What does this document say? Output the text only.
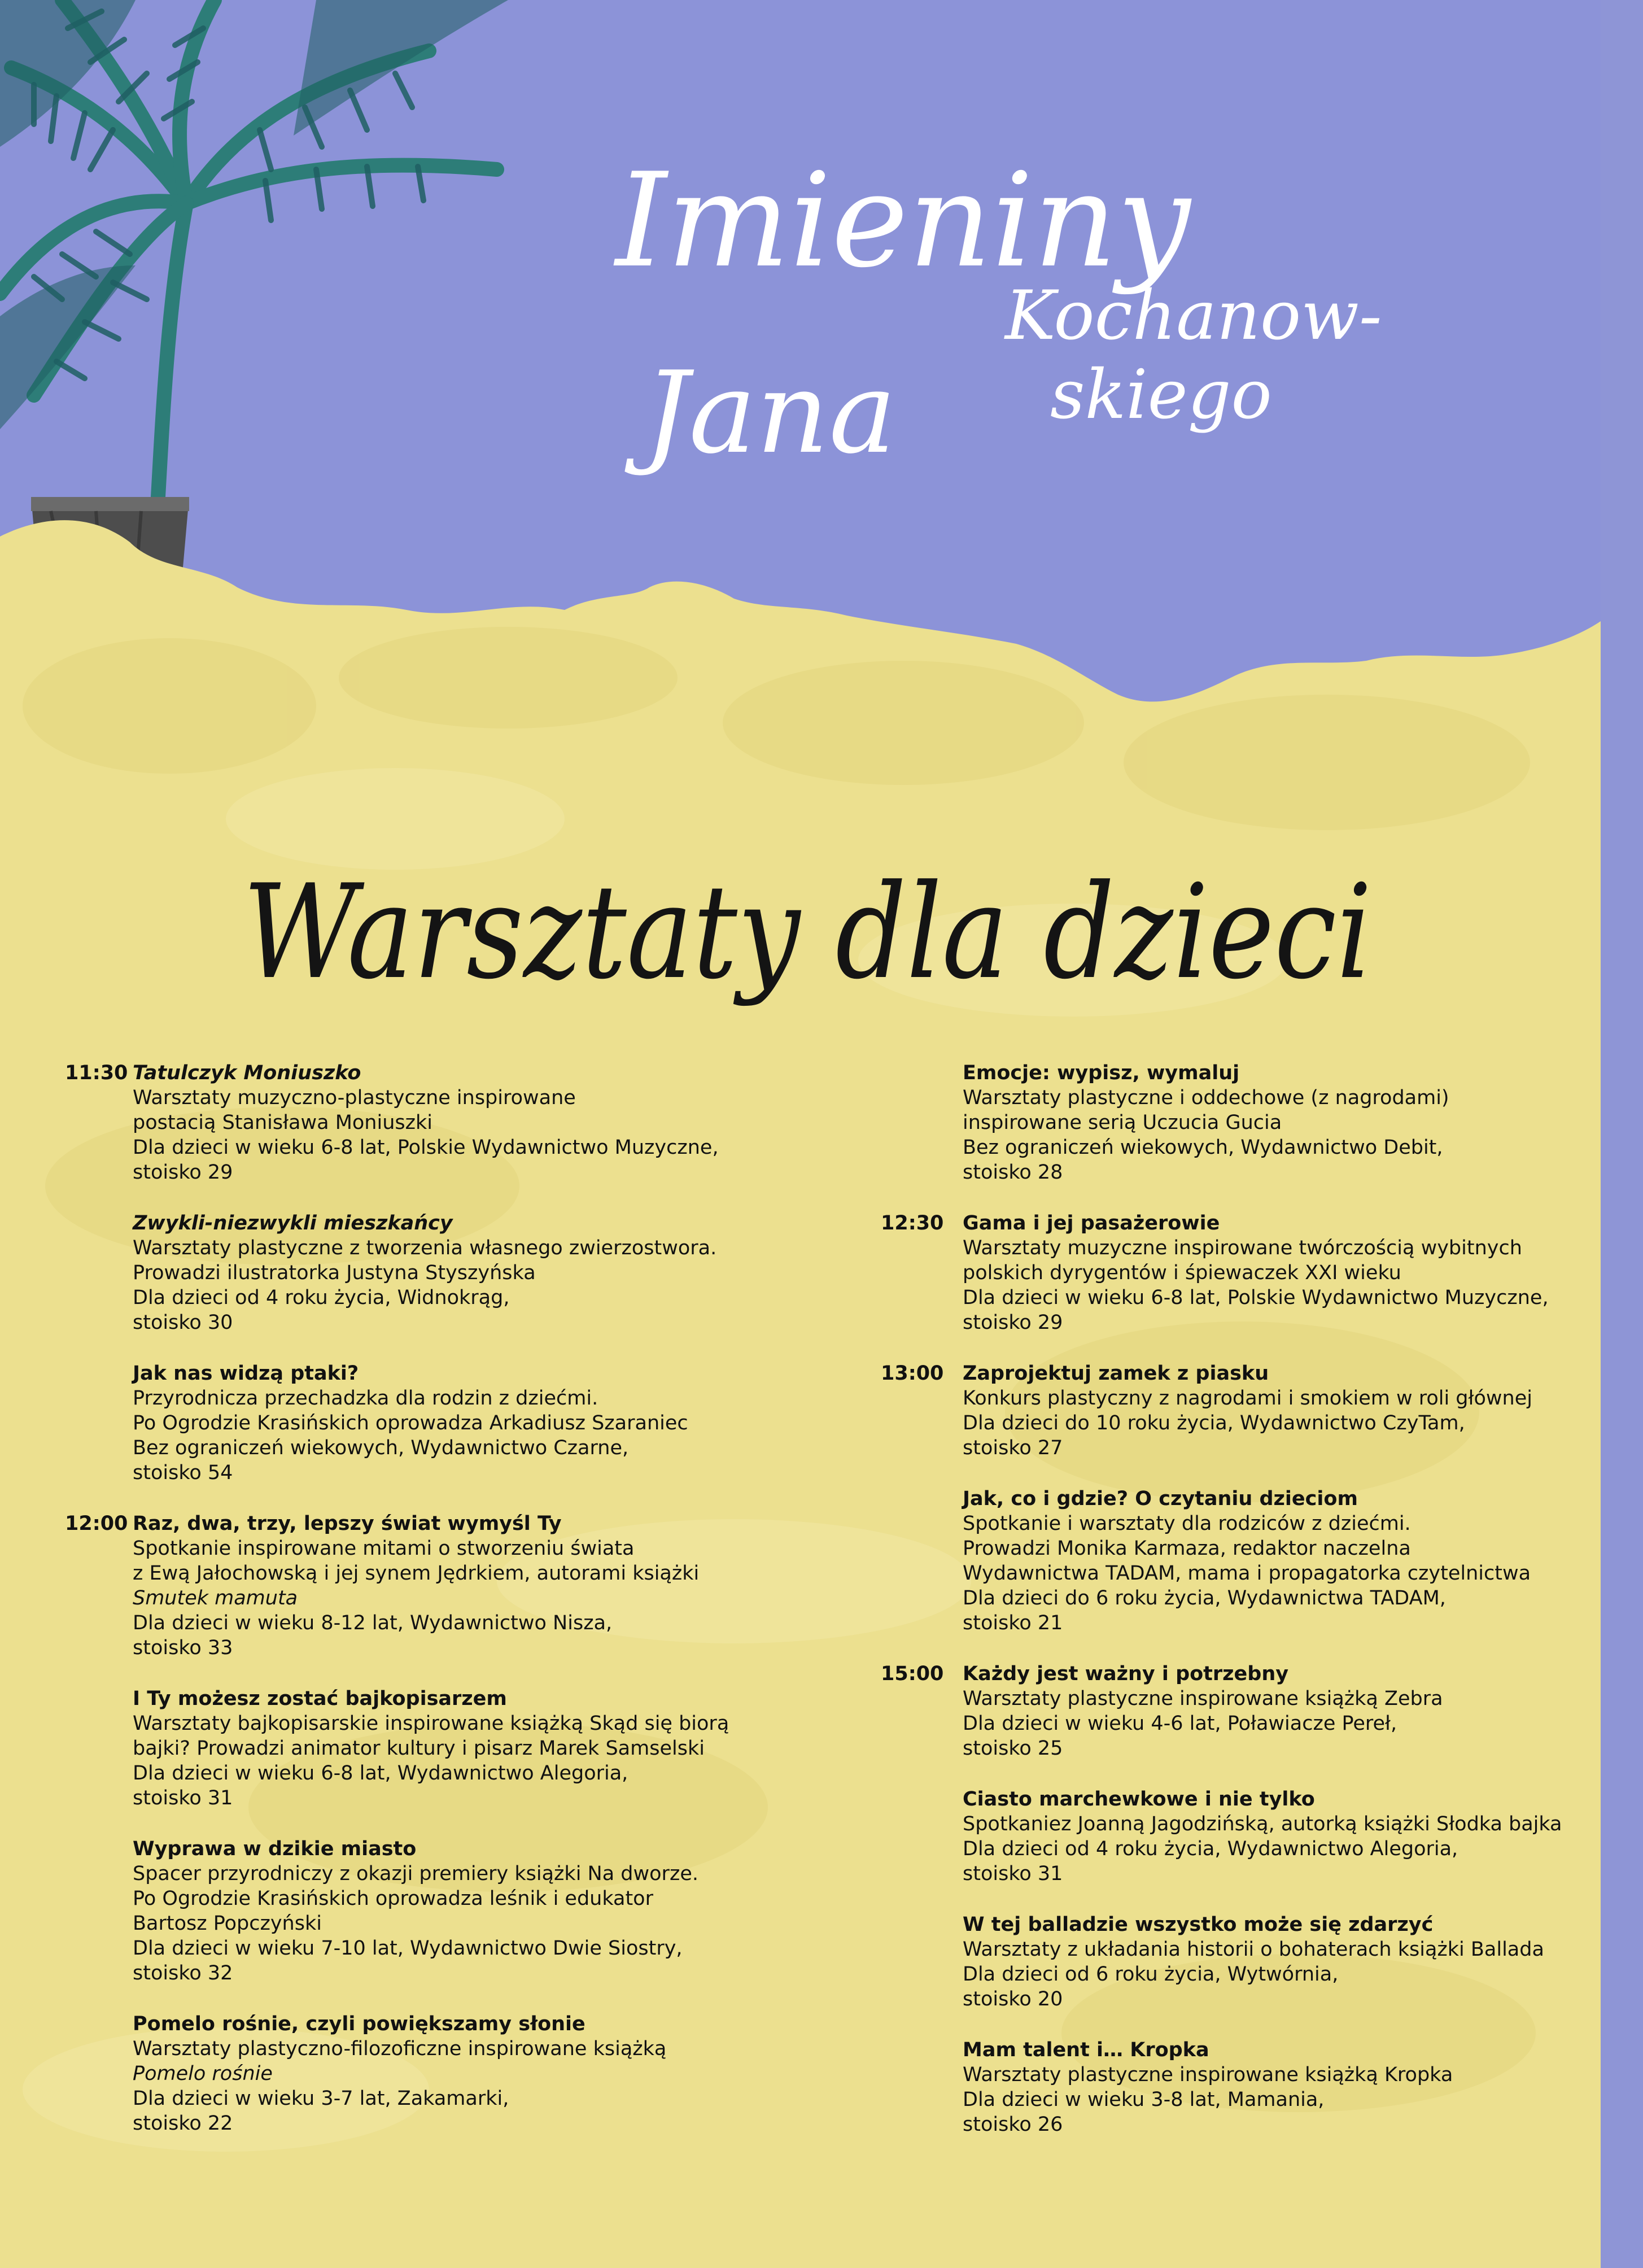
Imieniny
Jana
Kochanow-
skiego
Warsztaty dla dzieci
11:30 Tatulczyk Moniuszko
Warsztaty muzyczno-plastyczne inspirowane
postacią Stanisława Moniuszki
Dla dzieci w wieku 6-8 lat, Polskie Wydawnictwo Muzyczne,
stoisko 29
Zwykli-niezwykli mieszkańcy
Warsztaty plastyczne z tworzenia własnego zwierzostwora.
Prowadzi ilustratorka Justyna Styszyńska
Dla dzieci od 4 roku życia, Widnokrąg,
stoisko 30
Jak nas widzą ptaki?
Przyrodnicza przechadzka dla rodzin z dziećmi.
Po Ogrodzie Krasińskich oprowadza Arkadiusz Szaraniec
Bez ograniczeń wiekowych, Wydawnictwo Czarne,
stoisko 54
12:00 Raz, dwa, trzy, lepszy świat wymyśl Ty
Spotkanie inspirowane mitami o stworzeniu świata
z Ewą Jałochowską i jej synem Jędrkiem, autorami książki
Smutek mamuta
Dla dzieci w wieku 8-12 lat, Wydawnictwo Nisza,
stoisko 33
I Ty możesz zostać bajkopisarzem
Warsztaty bajkopisarskie inspirowane książką Skąd się biorą
bajki? Prowadzi animator kultury i pisarz Marek Samselski
Dla dzieci w wieku 6-8 lat, Wydawnictwo Alegoria,
stoisko 31
Wyprawa w dzikie miasto
Spacer przyrodniczy z okazji premiery książki Na dworze.
Po Ogrodzie Krasińskich oprowadza leśnik i edukator
Bartosz Popczyński
Dla dzieci w wieku 7-10 lat, Wydawnictwo Dwie Siostry,
stoisko 32
Pomelo rośnie, czyli powiększamy słonie
Warsztaty plastyczno-filozoficzne inspirowane książką
Pomelo rośnie
Dla dzieci w wieku 3-7 lat, Zakamarki,
stoisko 22
Emocje: wypisz, wymaluj
Warsztaty plastyczne i oddechowe (z nagrodami)
inspirowane serią Uczucia Gucia
Bez ograniczeń wiekowych, Wydawnictwo Debit,
stoisko 28
12:30 Gama i jej pasażerowie
Warsztaty muzyczne inspirowane twórczością wybitnych
polskich dyrygentów i śpiewaczek XXI wieku
Dla dzieci w wieku 6-8 lat, Polskie Wydawnictwo Muzyczne,
stoisko 29
13:00 Zaprojektuj zamek z piasku
Konkurs plastyczny z nagrodami i smokiem w roli głównej
Dla dzieci do 10 roku życia, Wydawnictwo CzyTam,
stoisko 27
Jak, co i gdzie? O czytaniu dzieciom
Spotkanie i warsztaty dla rodziców z dziećmi.
Prowadzi Monika Karmaza, redaktor naczelna
Wydawnictwa TADAM, mama i propagatorka czytelnictwa
Dla dzieci do 6 roku życia, Wydawnictwa TADAM,
stoisko 21
15:00 Każdy jest ważny i potrzebny
Warsztaty plastyczne inspirowane książką Zebra
Dla dzieci w wieku 4-6 lat, Poławiacze Pereł,
stoisko 25
Ciasto marchewkowe i nie tylko
Spotkaniez Joanną Jagodzińską, autorką książki Słodka bajka
Dla dzieci od 4 roku życia, Wydawnictwo Alegoria,
stoisko 31
W tej balladzie wszystko może się zdarzyć
Warsztaty z układania historii o bohaterach książki Ballada
Dla dzieci od 6 roku życia, Wytwórnia,
stoisko 20
Mam talent i… Kropka
Warsztaty plastyczne inspirowane książką Kropka
Dla dzieci w wieku 3-8 lat, Mamania,
stoisko 26
